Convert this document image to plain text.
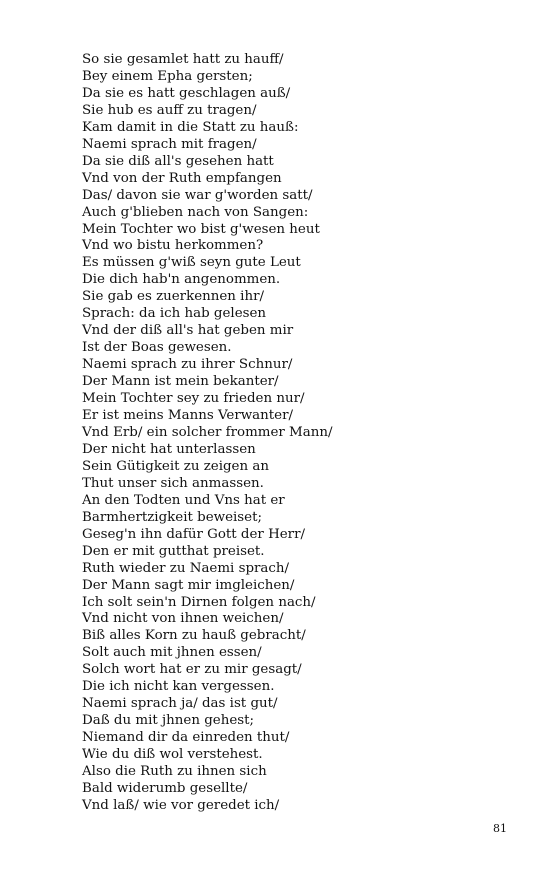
So sie gesamlet hatt zu hauff/
Bey einem Epha gersten;
Da sie es hatt geschlagen auß/
Sie hub es auff zu tragen/
Kam damit in die Statt zu hauß:
Naemi sprach mit fragen/
Da sie diß all's gesehen hatt
Vnd von der Ruth empfangen
Das/ davon sie war g'worden satt/
Auch g'blieben nach von Sangen:
Mein Tochter wo bist g'wesen heut
Vnd wo bistu herkommen?
Es müssen g'wiß seyn gute Leut
Die dich hab'n angenommen.
Sie gab es zuerkennen ihr/
Sprach: da ich hab gelesen
Vnd der diß all's hat geben mir
Ist der Boas gewesen.
Naemi sprach zu ihrer Schnur/
Der Mann ist mein bekanter/
Mein Tochter sey zu frieden nur/
Er ist meins Manns Verwanter/
Vnd Erb/ ein solcher frommer Mann/
Der nicht hat unterlassen
Sein Gütigkeit zu zeigen an
Thut unser sich anmassen.
An den Todten und Vns hat er
Barmhertzigkeit beweiset;
Geseg'n ihn dafür Gott der Herr/
Den er mit gutthat preiset.
Ruth wieder zu Naemi sprach/
Der Mann sagt mir imgleichen/
Ich solt sein'n Dirnen folgen nach/
Vnd nicht von ihnen weichen/
Biß alles Korn zu hauß gebracht/
Solt auch mit jhnen essen/
Solch wort hat er zu mir gesagt/
Die ich nicht kan vergessen.
Naemi sprach ja/ das ist gut/
Daß du mit jhnen gehest;
Niemand dir da einreden thut/
Wie du diß wol verstehest.
Also die Ruth zu ihnen sich
Bald widerumb gesellte/
Vnd laß/ wie vor geredet ich/
81
